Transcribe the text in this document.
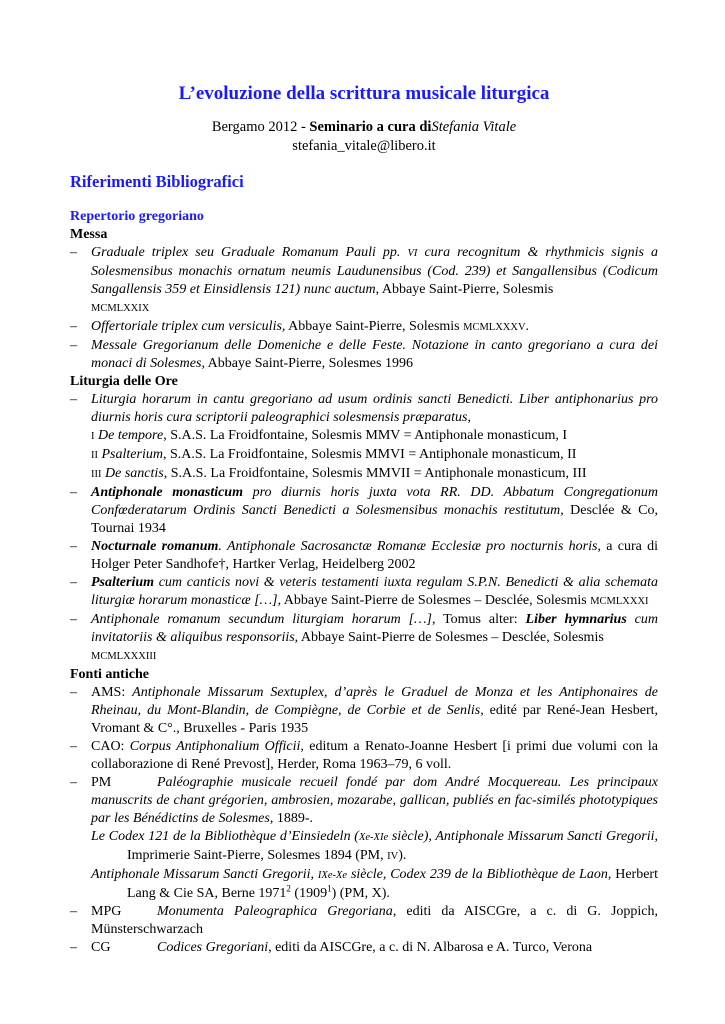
L’evoluzione della scrittura musicale liturgica
Bergamo 2012 - Seminario a cura diStefania Vitale
stefania_vitale@libero.it
Riferimenti Bibliografici
Repertorio gregoriano
Messa
– Graduale triplex seu Graduale Romanum Pauli pp. VI cura recognitum & rhythmicis signis a Solesmensibus monachis ornatum neumis Laudunensibus (Cod. 239) et Sangallensibus (Codicum Sangallensis 359 et Einsidlensis 121) nunc auctum, Abbaye Saint-Pierre, Solesmis
MCMLXXIX
– Offertoriale triplex cum versiculis, Abbaye Saint-Pierre, Solesmis MCMLXXXV.
– Messale Gregorianum delle Domeniche e delle Feste. Notazione in canto gregoriano a cura dei monaci di Solesmes, Abbaye Saint-Pierre, Solesmes 1996
Liturgia delle Ore
– Liturgia horarum in cantu gregoriano ad usum ordinis sancti Benedicti. Liber antiphonarius pro diurnis horis cura scriptorii paleographici solesmensis præparatus,
I De tempore, S.A.S. La Froidfontaine, Solesmis MMV = Antiphonale monasticum, I
II Psalterium, S.A.S. La Froidfontaine, Solesmis MMVI = Antiphonale monasticum, II
III De sanctis, S.A.S. La Froidfontaine, Solesmis MMVII = Antiphonale monasticum, III
– Antiphonale monasticum pro diurnis horis juxta vota RR. DD. Abbatum Congregationum Confœderatarum Ordinis Sancti Benedicti a Solesmensibus monachis restitutum, Desclée & Co, Tournai 1934
– Nocturnale romanum. Antiphonale Sacrosanctæ Romanæ Ecclesiæ pro nocturnis horis, a cura di Holger Peter Sandhofe†, Hartker Verlag, Heidelberg 2002
– Psalterium cum canticis novi & veteris testamenti iuxta regulam S.P.N. Benedicti & alia schemata liturgiæ horarum monasticæ […], Abbaye Saint-Pierre de Solesmes – Desclée, Solesmis MCMLXXXI
– Antiphonale romanum secundum liturgiam horarum […], Tomus alter: Liber hymnarius cum invitatoriis & aliquibus responsoriis, Abbaye Saint-Pierre de Solesmes – Desclée, Solesmis
MCMLXXXIII
Fonti antiche
– AMS: Antiphonale Missarum Sextuplex, d’après le Graduel de Monza et les Antiphonaires de Rheinau, du Mont-Blandin, de Compiègne, de Corbie et de Senlis, edité par René-Jean Hesbert, Vromant & C°., Bruxelles - Paris 1935
– CAO: Corpus Antiphonalium Officii, editum a Renato-Joanne Hesbert [i primi due volumi con la collaborazione di René Prevost], Herder, Roma 1963–79, 6 voll.
– PM	Paléographie musicale recueil fondé par dom André Mocquereau. Les principaux manuscrits de chant grégorien, ambrosien, mozarabe, gallican, publiés en fac-similés phototypiques par les Bénédictins de Solesmes, 1889-.
Le Codex 121 de la Bibliothèque d’Einsiedeln (Xe-XIe siècle), Antiphonale Missarum Sancti Gregorii, Imprimerie Saint-Pierre, Solesmes 1894 (PM, IV).
Antiphonale Missarum Sancti Gregorii, IXe-Xe siècle, Codex 239 de la Bibliothèque de Laon, Herbert Lang & Cie SA, Berne 1971$^2$ (1909$^1$) (PM, X).
– MPG	Monumenta Paleographica Gregoriana, editi da AISCGre, a c. di G. Joppich, Münsterschwarzach
– CG	Codices Gregoriani, editi da AISCGre, a c. di N. Albarosa e A. Turco, Verona
